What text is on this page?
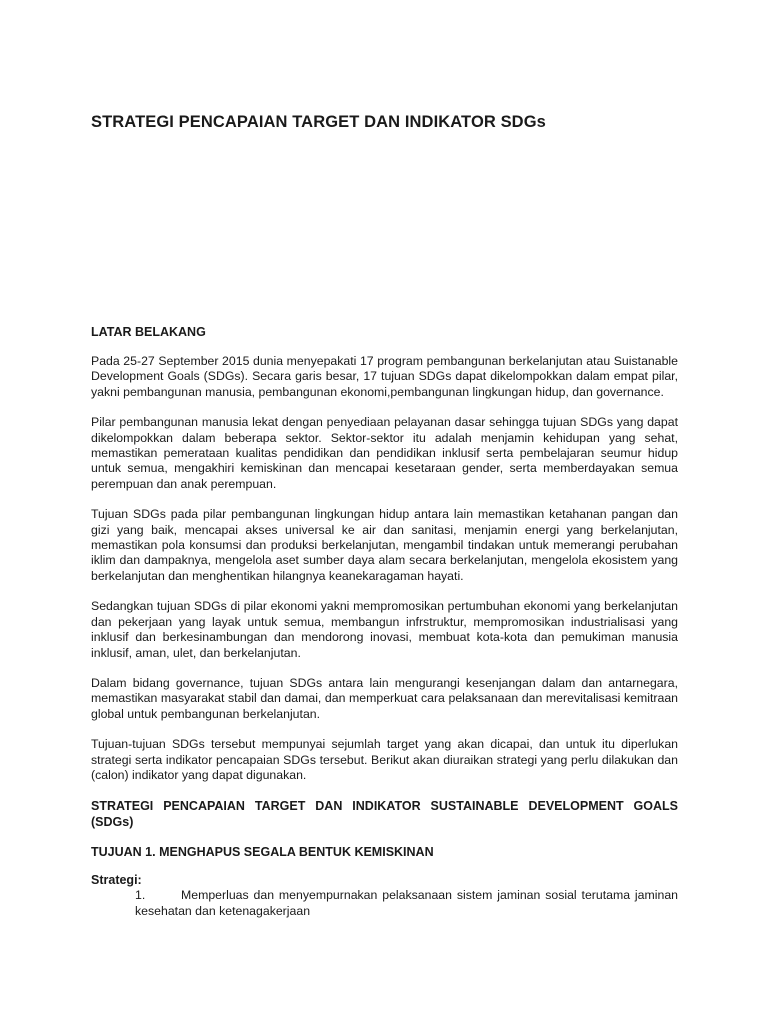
STRATEGI PENCAPAIAN TARGET DAN INDIKATOR SDGs

LATAR BELAKANG

Pada 25-27 September 2015 dunia menyepakati 17 program pembangunan berkelanjutan atau Suistanable Development Goals (SDGs). Secara garis besar, 17 tujuan SDGs dapat dikelompokkan dalam empat pilar, yakni pembangunan manusia, pembangunan ekonomi,pembangunan lingkungan hidup, dan governance.

Pilar pembangunan manusia lekat dengan penyediaan pelayanan dasar sehingga tujuan SDGs yang dapat dikelompokkan dalam beberapa sektor. Sektor-sektor itu adalah menjamin kehidupan yang sehat, memastikan pemerataan kualitas pendidikan dan pendidikan inklusif serta pembelajaran seumur hidup untuk semua, mengakhiri kemiskinan dan mencapai kesetaraan gender, serta memberdayakan semua perempuan dan anak perempuan.

Tujuan SDGs pada pilar pembangunan lingkungan hidup antara lain memastikan ketahanan pangan dan gizi yang baik, mencapai akses universal ke air dan sanitasi, menjamin energi yang berkelanjutan, memastikan pola konsumsi dan produksi berkelanjutan, mengambil tindakan untuk memerangi perubahan iklim dan dampaknya, mengelola aset sumber daya alam secara berkelanjutan, mengelola ekosistem yang berkelanjutan dan menghentikan hilangnya keanekaragaman hayati.

Sedangkan tujuan SDGs di pilar ekonomi yakni mempromosikan pertumbuhan ekonomi yang berkelanjutan dan pekerjaan yang layak untuk semua, membangun infrstruktur, mempromosikan industrialisasi yang inklusif dan berkesinambungan dan mendorong inovasi, membuat kota-kota dan pemukiman manusia inklusif, aman, ulet, dan berkelanjutan.

Dalam bidang governance, tujuan SDGs antara lain mengurangi kesenjangan dalam dan antarnegara, memastikan masyarakat stabil dan damai, dan memperkuat cara pelaksanaan dan merevitalisasi kemitraan global untuk pembangunan berkelanjutan.

Tujuan-tujuan SDGs tersebut mempunyai sejumlah target yang akan dicapai, dan untuk itu diperlukan strategi serta indikator pencapaian SDGs tersebut. Berikut akan diuraikan strategi yang perlu dilakukan dan (calon) indikator yang dapat digunakan.

STRATEGI PENCAPAIAN TARGET DAN INDIKATOR SUSTAINABLE DEVELOPMENT GOALS (SDGs)

TUJUAN 1. MENGHAPUS SEGALA BENTUK KEMISKINAN

Strategi:

1.	Memperluas dan menyempurnakan pelaksanaan sistem jaminan sosial terutama jaminan kesehatan dan ketenagakerjaan
